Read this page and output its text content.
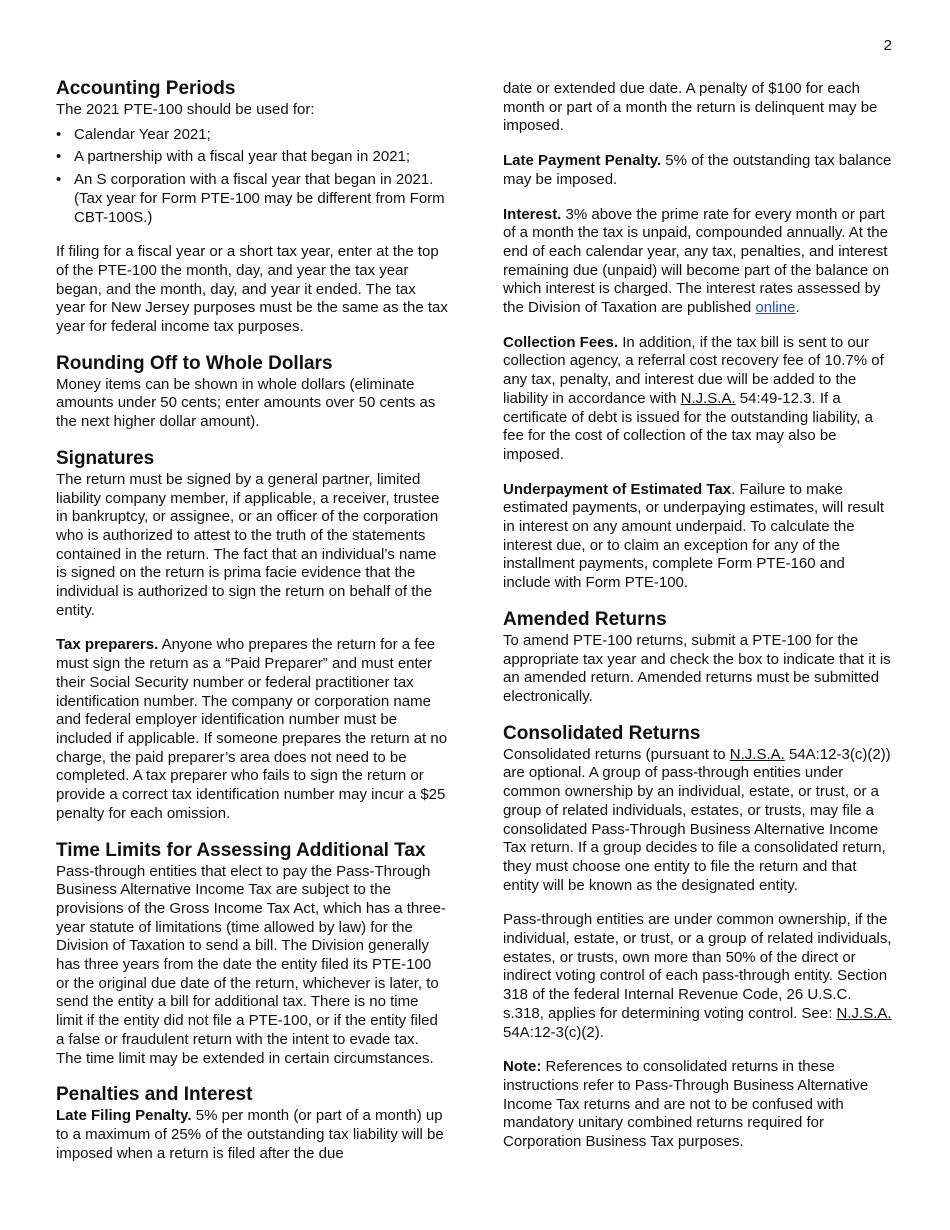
2
Accounting Periods
The 2021 PTE-100 should be used for:
• Calendar Year 2021;
• A partnership with a fiscal year that began in 2021;
• An S corporation with a fiscal year that began in 2021. (Tax year for Form PTE-100 may be different from Form CBT-100S.)

If filing for a fiscal year or a short tax year, enter at the top of the PTE-100 the month, day, and year the tax year began, and the month, day, and year it ended. The tax year for New Jersey purposes must be the same as the tax year for federal income tax purposes.

Rounding Off to Whole Dollars

Money items can be shown in whole dollars (eliminate amounts under 50 cents; enter amounts over 50 cents as the next higher dollar amount).

Signatures

The return must be signed by a general partner, limited liability company member, if applicable, a receiver, trustee in bankruptcy, or assignee, or an officer of the corporation who is authorized to attest to the truth of the statements contained in the return. The fact that an individual’s name is signed on the return is prima facie evidence that the individual is authorized to sign the return on behalf of the entity.

Tax preparers. Anyone who prepares the return for a fee must sign the return as a “Paid Preparer” and must enter their Social Security number or federal practitioner tax identification number. The company or corporation name and federal employer identification number must be included if applicable. If someone prepares the return at no charge, the paid preparer’s area does not need to be completed. A tax preparer who fails to sign the return or provide a correct tax identification number may incur a $25 penalty for each omission.

Time Limits for Assessing Additional Tax

Pass-through entities that elect to pay the Pass-Through Business Alternative Income Tax are subject to the provisions of the Gross Income Tax Act, which has a three-year statute of limitations (time allowed by law) for the Division of Taxation to send a bill. The Division generally has three years from the date the entity filed its PTE-100 or the original due date of the return, whichever is later, to send the entity a bill for additional tax. There is no time limit if the entity did not file a PTE-100, or if the entity filed a false or fraudulent return with the intent to evade tax. The time limit may be extended in certain circumstances.

Penalties and Interest

Late Filing Penalty. 5% per month (or part of a month) up to a maximum of 25% of the outstanding tax liability will be imposed when a return is filed after the due

date or extended due date. A penalty of $100 for each month or part of a month the return is delinquent may be imposed.

Late Payment Penalty. 5% of the outstanding tax balance may be imposed.

Interest. 3% above the prime rate for every month or part of a month the tax is unpaid, compounded annually. At the end of each calendar year, any tax, penalties, and interest remaining due (unpaid) will become part of the balance on which interest is charged. The interest rates assessed by the Division of Taxation are published online.

Collection Fees. In addition, if the tax bill is sent to our collection agency, a referral cost recovery fee of 10.7% of any tax, penalty, and interest due will be added to the liability in accordance with N.J.S.A. 54:49-12.3. If a certificate of debt is issued for the outstanding liability, a fee for the cost of collection of the tax may also be imposed.

Underpayment of Estimated Tax. Failure to make estimated payments, or underpaying estimates, will result in interest on any amount underpaid. To calculate the interest due, or to claim an exception for any of the installment payments, complete Form PTE-160 and include with Form PTE-100.

Amended Returns

To amend PTE-100 returns, submit a PTE-100 for the appropriate tax year and check the box to indicate that it is an amended return. Amended returns must be submitted electronically.

Consolidated Returns

Consolidated returns (pursuant to N.J.S.A. 54A:12-3(c)(2)) are optional. A group of pass-through entities under common ownership by an individual, estate, or trust, or a group of related individuals, estates, or trusts, may file a consolidated Pass-Through Business Alternative Income Tax return. If a group decides to file a consolidated return, they must choose one entity to file the return and that entity will be known as the designated entity.

Pass-through entities are under common ownership, if the individual, estate, or trust, or a group of related individuals, estates, or trusts, own more than 50% of the direct or indirect voting control of each pass-through entity. Section 318 of the federal Internal Revenue Code, 26 U.S.C. s.318, applies for determining voting control. See: N.J.S.A. 54A:12-3(c)(2).

Note: References to consolidated returns in these instructions refer to Pass-Through Business Alternative Income Tax returns and are not to be confused with mandatory unitary combined returns required for Corporation Business Tax purposes.
